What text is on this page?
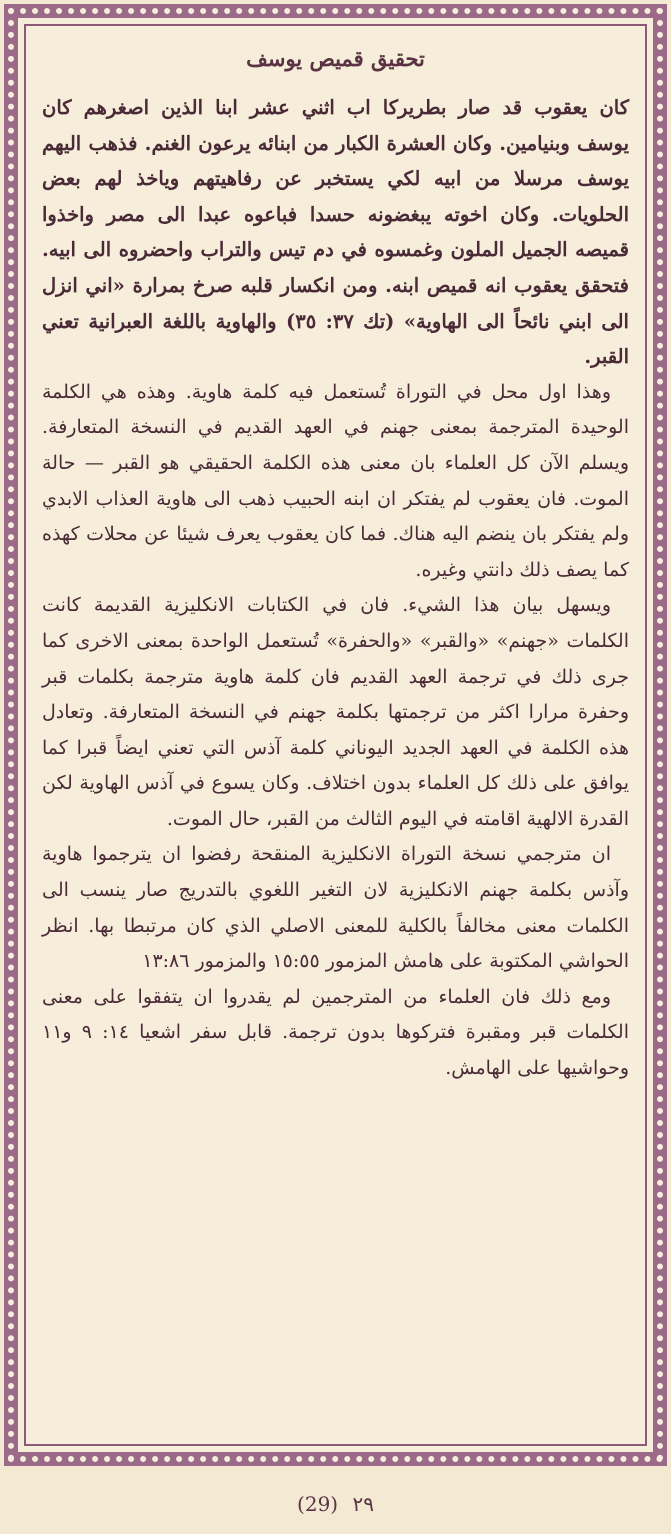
تحقيق قميص يوسف

كان يعقوب قد صار بطريركا اب اثني عشر ابنا الذين اصغرهم كان يوسف وبنيامين. وكان العشرة الكبار من ابنائه يرعون الغنم. فذهب اليهم يوسف مرسلا من ابيه لكي يستخبر عن رفاهيتهم وياخذ لهم بعض الحلويات. وكان اخوته يبغضونه حسدا فباعوه عبدا الى مصر واخذوا قميصه الجميل الملون وغمسوه في دم تيس والتراب واحضروه الى ابيه. فتحقق يعقوب انه قميص ابنه. ومن انكسار قلبه صرخ بمرارة «اني انزل الى ابني نائحاً الى الهاوية» (تك ٣٧: ٣٥) والهاوية باللغة العبرانية تعني القبر.

وهذا اول محل في التوراة تُستعمل فيه كلمة هاوية. وهذه هي الكلمة الوحيدة المترجمة بمعنى جهنم في العهد القديم في النسخة المتعارفة. ويسلم الآن كل العلماء بان معنى هذه الكلمة الحقيقي هو القبر — حالة الموت. فان يعقوب لم يفتكر ان ابنه الحبيب ذهب الى هاوية العذاب الابدي ولم يفتكر بان ينضم اليه هناك. فما كان يعقوب يعرف شيئا عن محلات كهذه كما يصف ذلك دانتي وغيره.

ويسهل بيان هذا الشيء. فان في الكتابات الانكليزية القديمة كانت الكلمات «جهنم» «والقبر» «والحفرة» تُستعمل الواحدة بمعنى الاخرى كما جرى ذلك في ترجمة العهد القديم فان كلمة هاوية مترجمة بكلمات قبر وحفرة مرارا اكثر من ترجمتها بكلمة جهنم في النسخة المتعارفة. وتعادل هذه الكلمة في العهد الجديد اليوناني كلمة آذس التي تعني ايضاً قبرا كما يوافق على ذلك كل العلماء بدون اختلاف. وكان يسوع في آذس الهاوية لكن القدرة الالهية اقامته في اليوم الثالث من القبر، حال الموت.

ان مترجمي نسخة التوراة الانكليزية المنقحة رفضوا ان يترجموا هاوية وآذس بكلمة جهنم الانكليزية لان التغير اللغوي بالتدريج صار ينسب الى الكلمات معنى مخالفاً بالكلية للمعنى الاصلي الذي كان مرتبطا بها. انظر الحواشي المكتوبة على هامش المزمور ١٥:٥٥ والمزمور ١٣:٨٦

ومع ذلك فان العلماء من المترجمين لم يقدروا ان يتفقوا على معنى الكلمات قبر ومقبرة فتركوها بدون ترجمة. قابل سفر اشعيا ١٤: ٩ و١١ وحواشيها على الهامش.

(29) ٢٩
